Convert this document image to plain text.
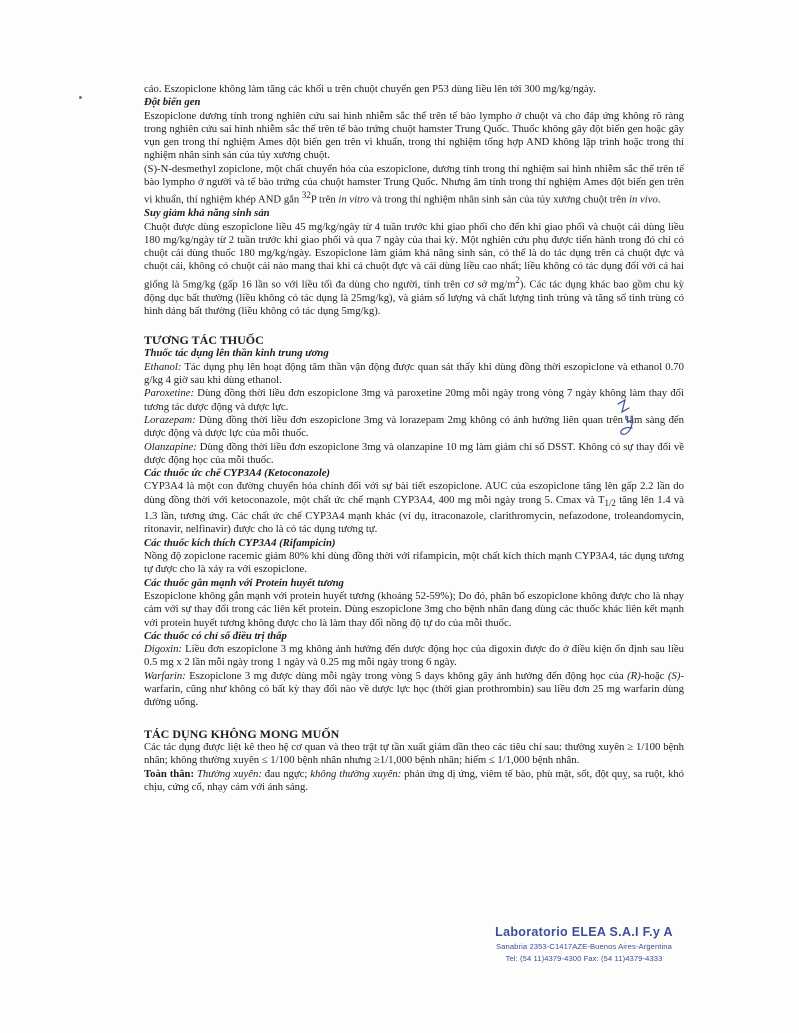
cáo. Eszopiclone không làm tăng các khối u trên chuột chuyển gen P53 dùng liều lên tới 300 mg/kg/ngày.

Đột biến gen

Eszopiclone dương tính trong nghiên cứu sai hình nhiễm sắc thể trên tế bào lympho ở chuột và cho đáp ứng không rõ ràng trong nghiên cứu sai hình nhiễm sắc thể trên tế bào trứng chuột hamster Trung Quốc. Thuốc không gây đột biến gen hoặc gây vụn gen trong thí nghiệm Ames đột biến gen trên vi khuẩn, trong thí nghiệm tổng hợp AND không lập trình hoặc trong thí nghiệm nhân sinh sản của tủy xương chuột.

(S)-N-desmethyl zopiclone, một chất chuyển hóa của eszopiclone, dương tính trong thí nghiệm sai hình nhiễm sắc thể trên tế bào lympho ở người và tế bào trứng của chuột hamster Trung Quốc. Nhưng âm tính trong thí nghiệm Ames đột biến gen trên vi khuẩn, thí nghiệm khép AND gắn $^{32}$P trên in vitro và trong thí nghiệm nhân sinh sản của tủy xương chuột trên in vivo.

Suy giảm khả năng sinh sản

Chuột được dùng eszopiclone liều 45 mg/kg/ngày từ 4 tuần trước khi giao phối cho đến khi giao phối và chuột cái dùng liều 180 mg/kg/ngày từ 2 tuần trước khi giao phối và qua 7 ngày của thai kỳ. Một nghiên cứu phụ được tiến hành trong đó chỉ có chuột cái dùng thuốc 180 mg/kg/ngày. Eszopiclone làm giảm khả năng sinh sản, có thể là do tác dụng trên cả chuột đực và chuột cái, không có chuột cái nào mang thai khi cả chuột đực và cái dùng liều cao nhất; liều không có tác dụng đối với cả hai giống là 5mg/kg (gấp 16 lần so với liều tối đa dùng cho người, tính trên cơ sở $mg/m^2$). Các tác dụng khác bao gồm chu kỳ động dục bất thường (liều không có tác dụng là 25mg/kg), và giảm số lượng và chất lượng tinh trùng và tăng số tinh trùng có hình dáng bất thường (liều không có tác dụng 5mg/kg).

TƯƠNG TÁC THUỐC

Thuốc tác dụng lên thần kinh trung ương

Ethanol: Tác dụng phụ lên hoạt động tâm thần vận động được quan sát thấy khi dùng đồng thời eszopiclone và ethanol 0.70 g/kg 4 giờ sau khi dùng ethanol.

Paroxetine: Dùng đồng thời liều đơn eszopiclone 3mg và paroxetine 20mg mỗi ngày trong vòng 7 ngày không làm thay đổi tương tác dược động và dược lực.

Lorazepam: Dùng đồng thời liều đơn eszopiclone 3mg và lorazepam 2mg không có ảnh hưởng liên quan trên lâm sàng đến dược động và dược lực của mỗi thuốc.

Olanzapine: Dùng đồng thời liều đơn eszopiclone 3mg và olanzapine 10 mg làm giảm chỉ số DSST. Không có sự thay đổi về dược động học của mỗi thuốc.

Các thuốc ức chế CYP3A4 (Ketoconazole)

CYP3A4 là một con đường chuyển hóa chính đối với sự bài tiết eszopiclone. AUC của eszopiclone tăng lên gấp 2.2 lần do dùng đồng thời với ketoconazole, một chất ức chế mạnh CYP3A4, 400 mg mỗi ngày trong 5. Cmax và $T_{1/2}$ tăng lên 1.4 và 1.3 lần, tương ứng. Các chất ức chế CYP3A4 mạnh khác (ví dụ, itraconazole, clarithromycin, nefazodone, troleandomycin, ritonavir, nelfinavir) được cho là có tác dụng tương tự.

Các thuốc kích thích CYP3A4 (Rifampicin)

Nồng độ zopiclone racemic giảm 80% khi dùng đồng thời với rifampicin, một chất kích thích mạnh CYP3A4, tác dụng tương tự được cho là xảy ra với eszopiclone.

Các thuốc gắn mạnh với Protein huyết tương

Eszopiclone không gắn mạnh với protein huyết tương (khoảng 52-59%); Do đó, phân bố eszopiclone không được cho là nhạy cảm với sự thay đổi trong các liên kết protein. Dùng eszopiclone 3mg cho bệnh nhân đang dùng các thuốc khác liên kết mạnh với protein huyết tương không được cho là làm thay đổi nồng độ tự do của mỗi thuốc.

Các thuốc có chỉ số điều trị thấp

Digoxin: Liều đơn eszopiclone 3 mg không ảnh hưởng đến dược động học của digoxin được đo ở điều kiện ổn định sau liều 0.5 mg x 2 lần mỗi ngày trong 1 ngày và 0.25 mg mỗi ngày trong 6 ngày.

Warfarin: Eszopiclone 3 mg được dùng mỗi ngày trong vòng 5 days không gây ảnh hưởng đến động học của (R)-hoặc (S)-warfarin, cũng như không có bất kỳ thay đổi nào về dược lực học (thời gian prothrombin) sau liều đơn 25 mg warfarin dùng đường uống.

TÁC DỤNG KHÔNG MONG MUỐN

Các tác dụng được liệt kê theo hệ cơ quan và theo trật tự tần xuất giảm dần theo các tiêu chí sau: thường xuyên ≥ 1/100 bệnh nhân; không thường xuyên ≤ 1/100 bệnh nhân nhưng ≥1/1,000 bệnh nhân; hiếm ≤ 1/1,000 bệnh nhân.

Toàn thân: Thường xuyên: đau ngực; không thường xuyên: phản ứng dị ứng, viêm tế bào, phù mặt, sốt, đột quỵ, sa ruột, khó chịu, cứng cổ, nhạy cảm với ánh sáng.

Laboratorio ELEA S.A.I F.y A
Sanabria 2353-C1417AZE-Buenos Aires-Argentina
Tel: (54 11)4379-4300 Fax: (54 11)4379-4333
